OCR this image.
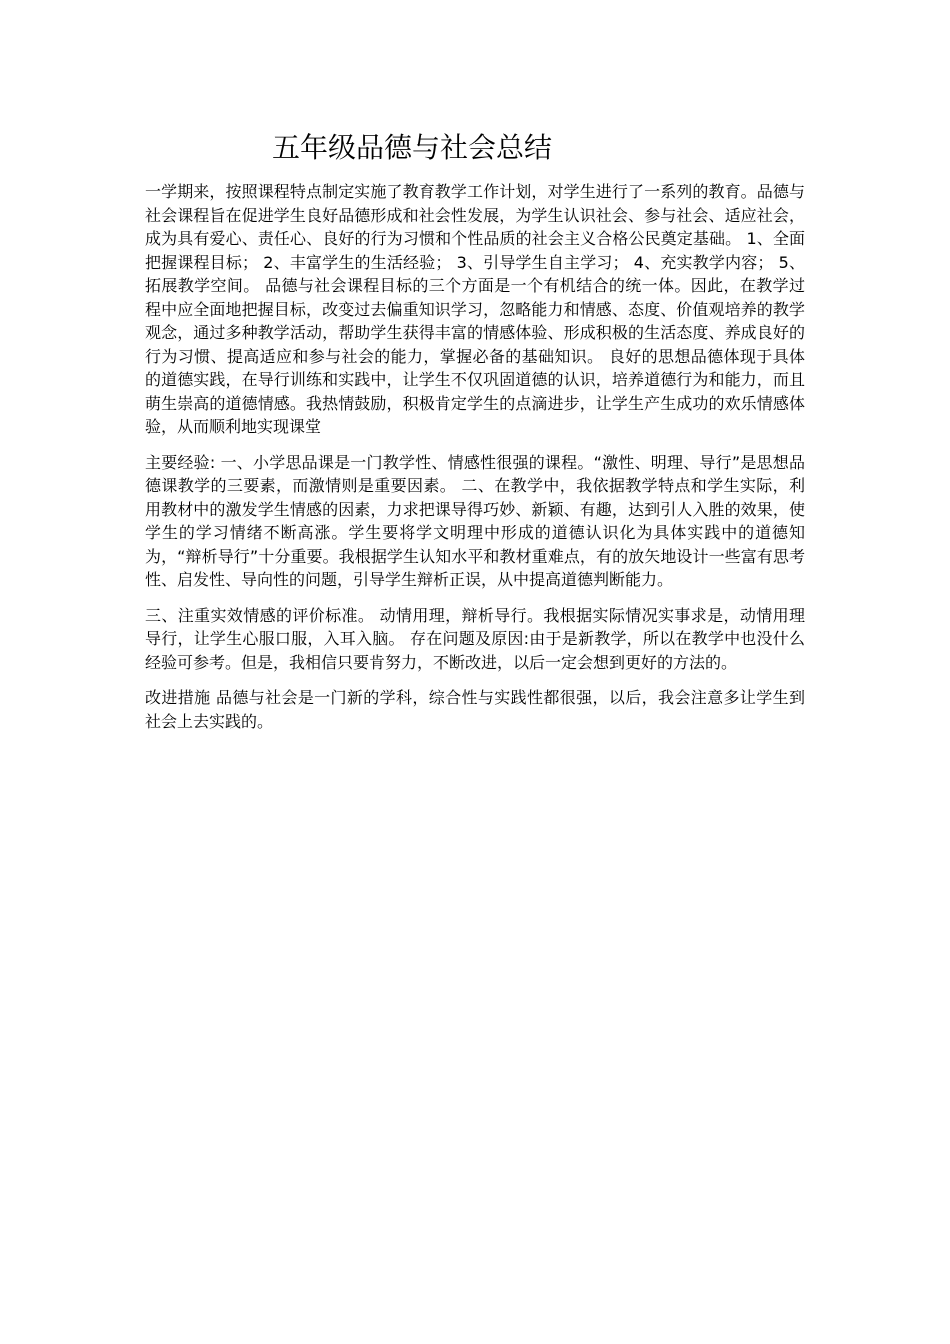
五年级品德与社会总结

一学期来，按照课程特点制定实施了教育教学工作计划，对学生进行了一系列的教育。品德与社会课程旨在促进学生良好品德形成和社会性发展，为学生认识社会、参与社会、适应社会，成为具有爱心、责任心、良好的行为习惯和个性品质的社会主义合格公民奠定基础。 1、全面把握课程目标； 2、丰富学生的生活经验； 3、引导学生自主学习； 4、充实教学内容； 5、拓展教学空间。 品德与社会课程目标的三个方面是一个有机结合的统一体。因此，在教学过程中应全面地把握目标，改变过去偏重知识学习，忽略能力和情感、态度、价值观培养的教学观念，通过多种教学活动，帮助学生获得丰富的情感体验、形成积极的生活态度、养成良好的行为习惯、提高适应和参与社会的能力，掌握必备的基础知识。 良好的思想品德体现于具体的道德实践，在导行训练和实践中，让学生不仅巩固道德的认识，培养道德行为和能力，而且萌生崇高的道德情感。我热情鼓励，积极肯定学生的点滴进步，让学生产生成功的欢乐情感体验，从而顺利地实现课堂

主要经验: 一、小学思品课是一门教学性、情感性很强的课程。“激性、明理、导行”是思想品德课教学的三要素，而激情则是重要因素。 二、在教学中，我依据教学特点和学生实际，利用教材中的激发学生情感的因素，力求把课导得巧妙、新颖、有趣，达到引人入胜的效果，使学生的学习情绪不断高涨。学生要将学文明理中形成的道德认识化为具体实践中的道德知为，“辩析导行”十分重要。我根据学生认知水平和教材重难点，有的放矢地设计一些富有思考性、启发性、导向性的问题，引导学生辩析正误，从中提高道德判断能力。

三、注重实效情感的评价标准。 动情用理，辩析导行。我根据实际情况实事求是，动情用理导行，让学生心服口服，入耳入脑。 存在问题及原因:由于是新教学，所以在教学中也没什么经验可参考。但是，我相信只要肯努力，不断改进，以后一定会想到更好的方法的。

改进措施 品德与社会是一门新的学科，综合性与实践性都很强，以后，我会注意多让学生到社会上去实践的。
